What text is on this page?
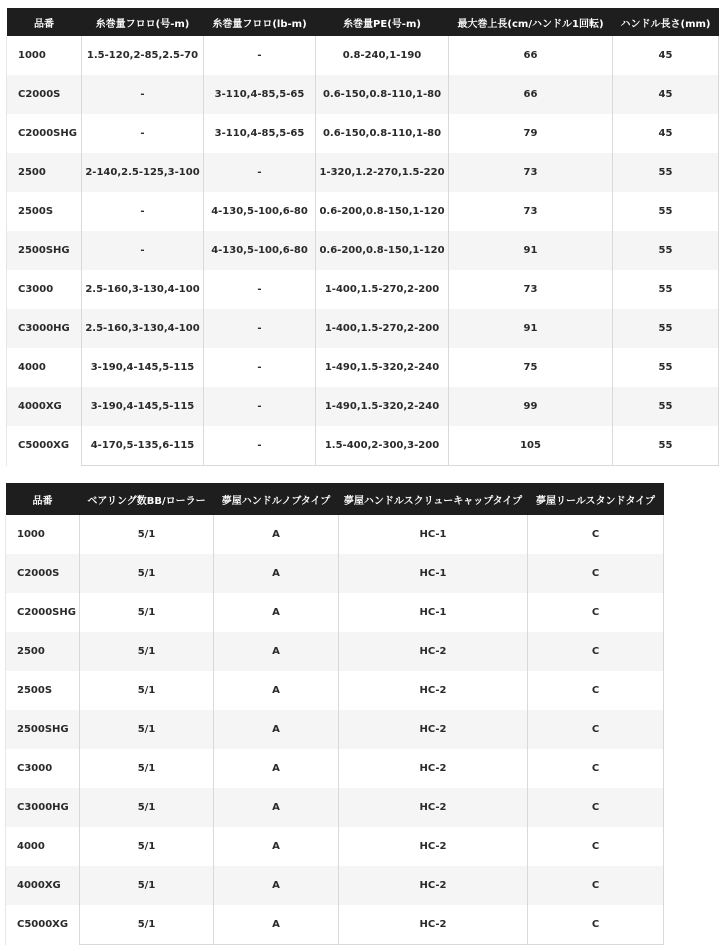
品番	糸巻量フロロ(号-m)	糸巻量フロロ(lb-m)	糸巻量PE(号-m)	最大巻上長(cm/ハンドル1回転)	ハンドル長さ(mm)
1000	1.5-120,2-85,2.5-70	-	0.8-240,1-190	66	45
C2000S	-	3-110,4-85,5-65	0.6-150,0.8-110,1-80	66	45
C2000SHG	-	3-110,4-85,5-65	0.6-150,0.8-110,1-80	79	45
2500	2-140,2.5-125,3-100	-	1-320,1.2-270,1.5-220	73	55
2500S	-	4-130,5-100,6-80	0.6-200,0.8-150,1-120	73	55
2500SHG	-	4-130,5-100,6-80	0.6-200,0.8-150,1-120	91	55
C3000	2.5-160,3-130,4-100	-	1-400,1.5-270,2-200	73	55
C3000HG	2.5-160,3-130,4-100	-	1-400,1.5-270,2-200	91	55
4000	3-190,4-145,5-115	-	1-490,1.5-320,2-240	75	55
4000XG	3-190,4-145,5-115	-	1-490,1.5-320,2-240	99	55
C5000XG	4-170,5-135,6-115	-	1.5-400,2-300,3-200	105	55
品番	ベアリング数BB/ローラー	夢屋ハンドルノブタイプ	夢屋ハンドルスクリューキャップタイプ	夢屋リールスタンドタイプ
1000	5/1	A	HC-1	C
C2000S	5/1	A	HC-1	C
C2000SHG	5/1	A	HC-1	C
2500	5/1	A	HC-2	C
2500S	5/1	A	HC-2	C
2500SHG	5/1	A	HC-2	C
C3000	5/1	A	HC-2	C
C3000HG	5/1	A	HC-2	C
4000	5/1	A	HC-2	C
4000XG	5/1	A	HC-2	C
C5000XG	5/1	A	HC-2	C
